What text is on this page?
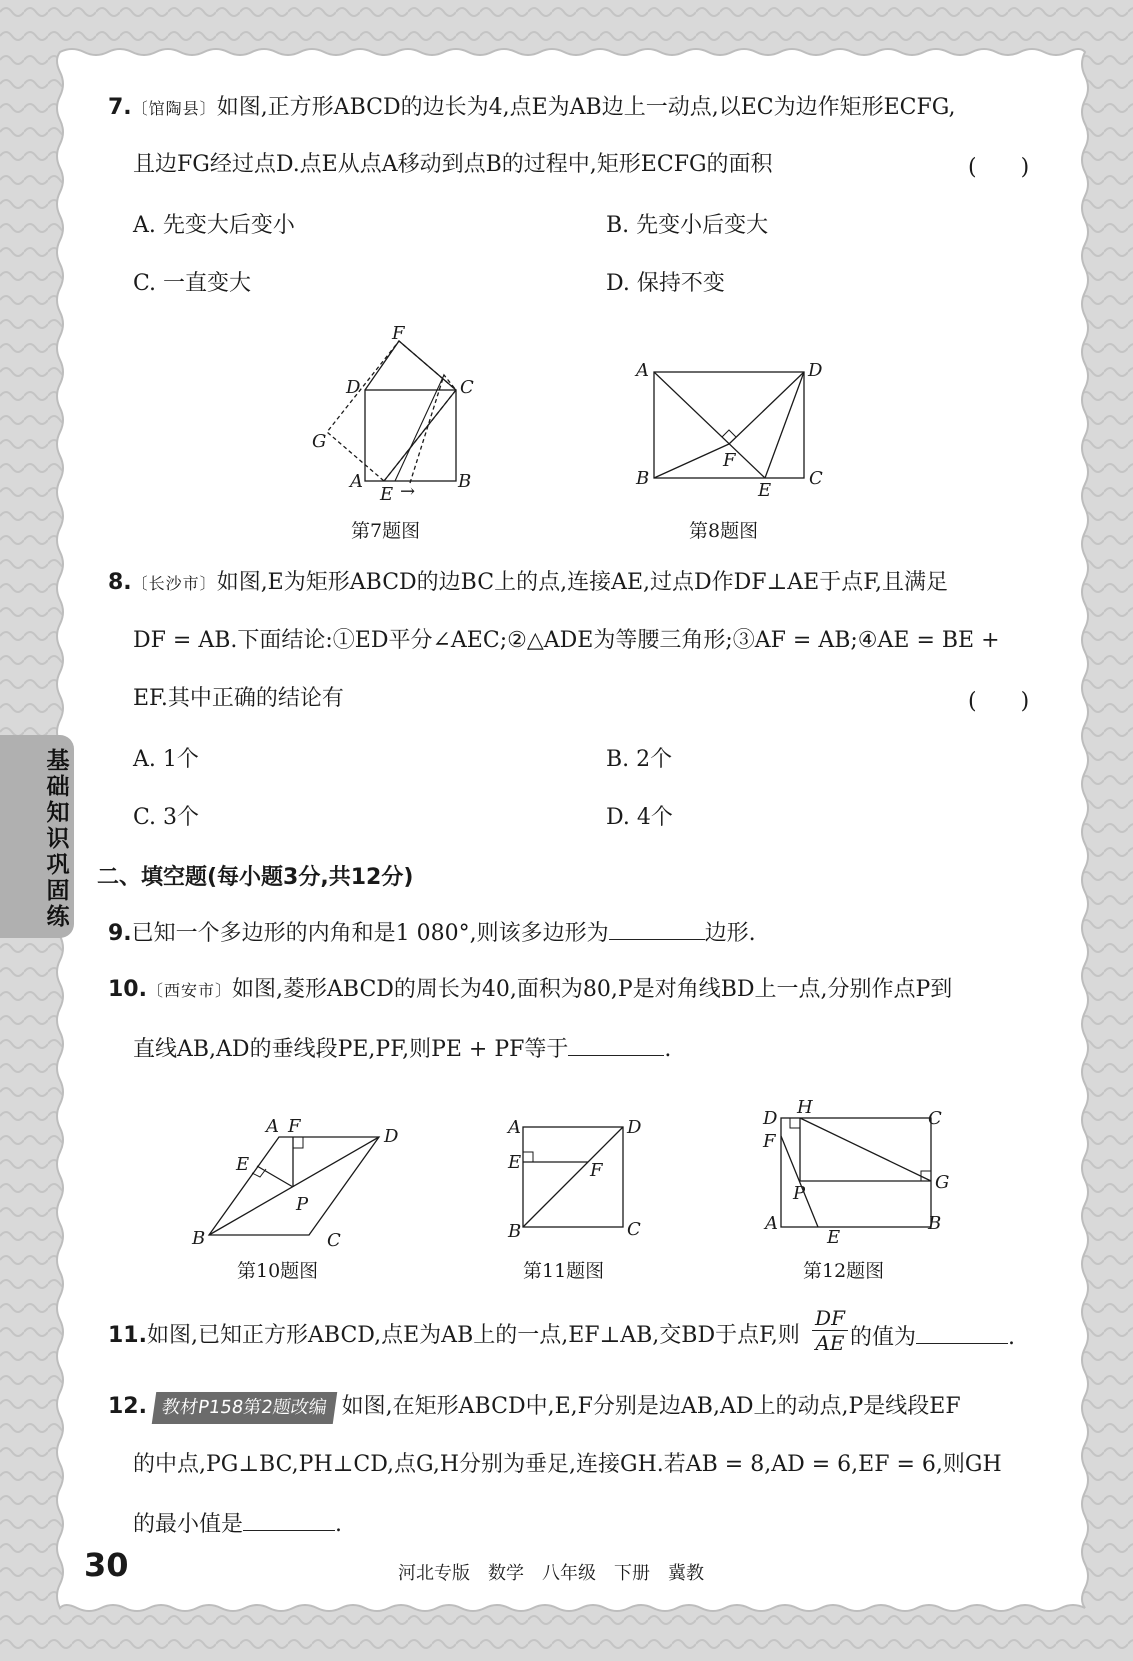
基
础
知
识
巩
固
练
7.〔馆陶县〕如图,正方形ABCD的边长为4,点E为AB边上一动点,以EC为边作矩形ECFG,
且边FG经过点D.点E从点A移动到点B的过程中,矩形ECFG的面积	(　　)
A. 先变大后变小	B. 先变小后变大
C. 一直变大	D. 保持不变
F
D	C
G
A
E
B
→
第7题图
A	D
F
B
E
C
第8题图
8.〔长沙市〕如图,E为矩形ABCD的边BC上的点,连接AE,过点D作DF⊥AE于点F,且满足
DF = AB.下面结论:①ED平分∠AEC;②△ADE为等腰三角形;③AF = AB;④AE = BE +
EF.其中正确的结论有	(　　)
A. 1个	B. 2个
C. 3个	D. 4个
二、填空题(每小题3分,共12分)
9.已知一个多边形的内角和是1 080°,则该多边形为	边形.
10.〔西安市〕如图,菱形ABCD的周长为40,面积为80,P是对角线BD上一点,分别作点P到
直线AB,AD的垂线段PE,PF,则PE + PF等于	.
A F	D
E
P
B	C
第10题图
A	D
E	F
B	C
第11题图
D
H
C
F
G
P
A
E
B
第12题图
11.如图,已知正方形ABCD,点E为AB上的一点,EF⊥AB,交BD于点F,则 $\frac{DF}{AE}$ 的值为	.
12. 教材P158第2题改编 如图,在矩形ABCD中,E,F分别是边AB,AD上的动点,P是线段EF
的中点,PG⊥BC,PH⊥CD,点G,H分别为垂足,连接GH.若AB = 8,AD = 6,EF = 6,则GH
的最小值是	.
30	河北专版　数学　八年级　下册　冀教
